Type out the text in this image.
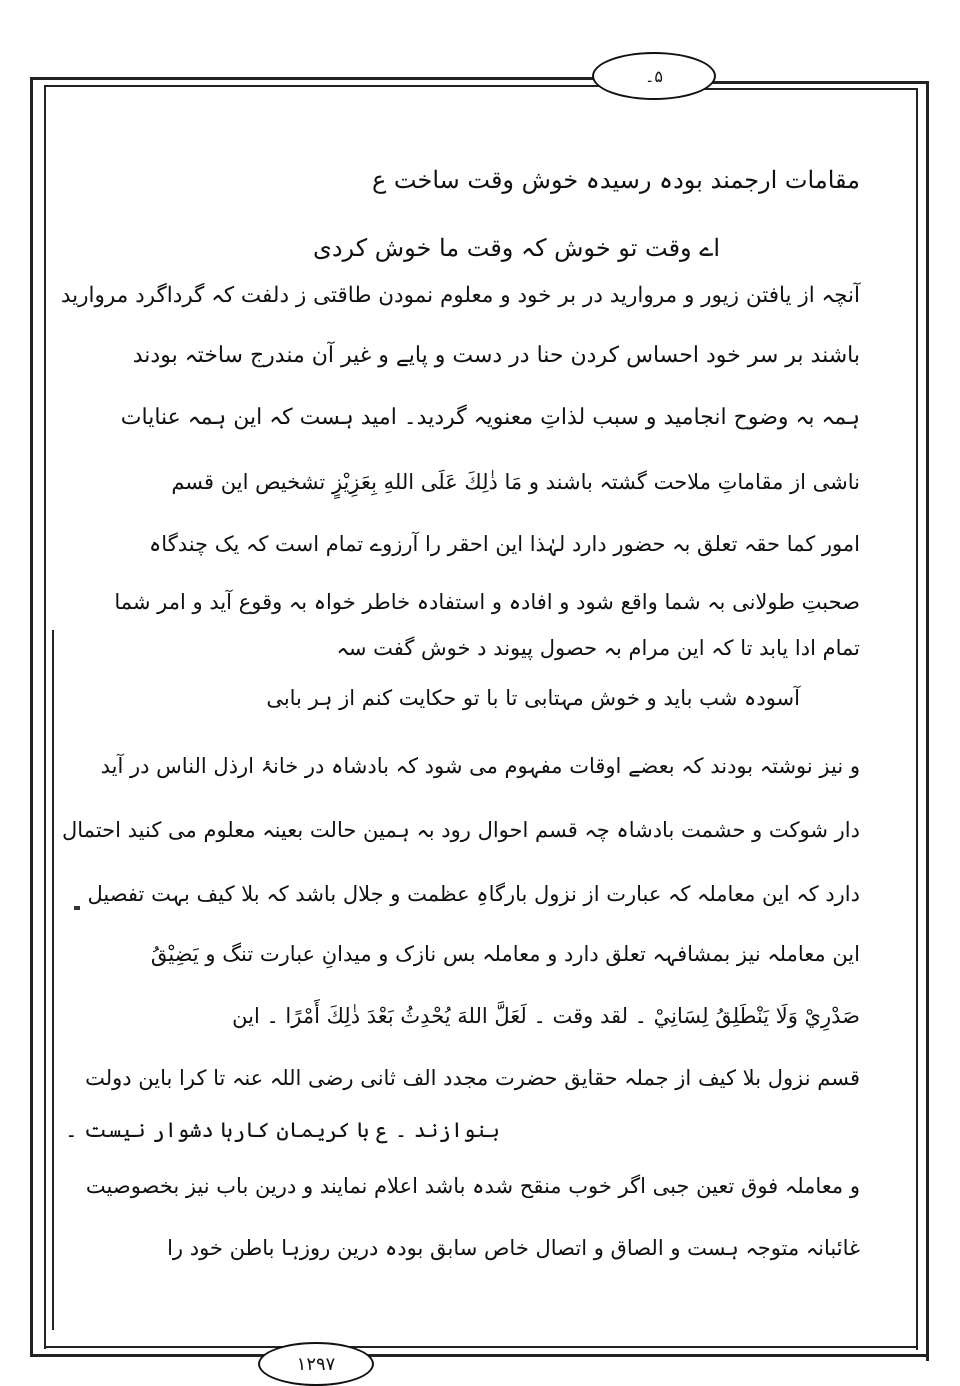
۵۔
۱۲۹۷
مقامات ارجمند بودہ رسیدہ خوش وقت ساخت ع
اے وقت تو خوش کہ وقت ما خوش کردی
آنچہ از یافتن زیور و مروارید در بر خود و معلوم نمودن طاقتی ز دلفت کہ گرداگرد مروارید
باشند بر سر خود احساس کردن حنا در دست و پایے و غیر آن مندرج ساختہ بودند
ہمہ بہ وضوح انجامید و سبب لذاتِ معنویہ گردید۔ امید ہست کہ این ہمہ عنایات
ناشی از مقاماتِ ملاحت گشتہ باشند و مَا ذٰلِكَ عَلَى اللهِ بِعَزِيْزٍ تشخیص این قسم
امور کما حقہ تعلق بہ حضور دارد لہٰذا این احقر را آرزوے تمام است کہ یک چندگاہ
صحبتِ طولانی بہ شما واقع شود و افادہ و استفادہ خاطر خواہ بہ وقوع آید و امر شما
تمام ادا یابد تا کہ این مرام بہ حصول پیوند د خوش گفت سہ
آسودہ شب باید و خوش مہتابی تا با تو حکایت کنم از ہر بابی
و نیز نوشتہ بودند کہ بعضے اوقات مفہوم می شود کہ بادشاہ در خانۂ ارذل الناس در آید
دار شوکت و حشمت بادشاہ چہ قسم احوال رود بہ ہمین حالت بعینہ معلوم می کنید احتمال
دارد کہ این معاملہ کہ عبارت از نزول بارگاہِ عظمت و جلال باشد کہ بلا کیف بہت تفصیل
این معاملہ نیز بمشافہہ تعلق دارد و معاملہ بس نازک و میدانِ عبارت تنگ و يَضِيْقُ
صَدْرِيْ وَلَا يَنْطَلِقُ لِسَانِيْ ۔ لقد وقت ۔ لَعَلَّ اللهَ يُحْدِثُ بَعْدَ ذٰلِكَ أَمْرًا ۔ این
قسم نزول بلا کیف از جملہ حقایق حضرت مجدد الف ثانی رضی اللہ عنہ تا کرا باین دولت
بنوازند ۔ ع با کریمان کارہا دشوار نیست ۔
و معاملہ فوق تعین جبی اگر خوب منقح شدہ باشد اعلام نمایند و درین باب نیز بخصوصیت
غائبانہ متوجہ ہست و الصاق و اتصال خاص سابق بودہ درین روزہا باطن خود را
